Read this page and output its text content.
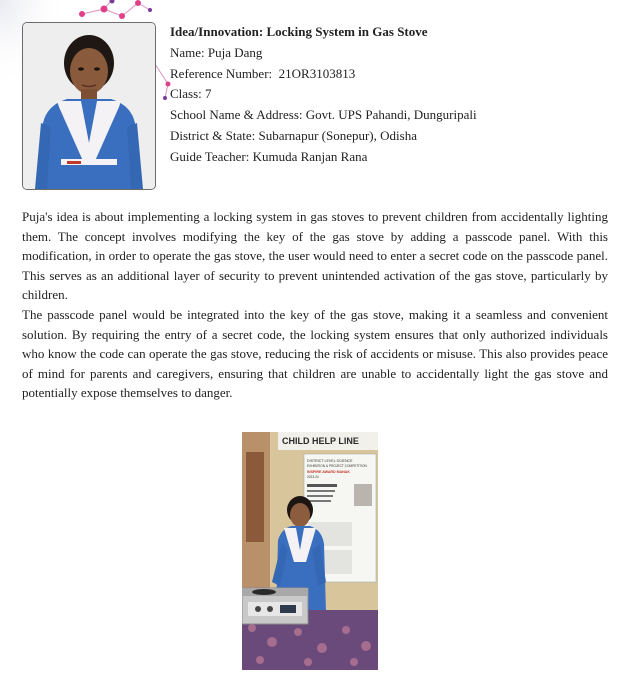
Idea/Innovation: Locking System in Gas Stove
Name: Puja Dang
Reference Number: 21OR3103813
Class: 7
School Name & Address: Govt. UPS Pahandi, Dunguripali
District & State: Subarnapur (Sonepur), Odisha
Guide Teacher: Kumuda Ranjan Rana

Puja's idea is about implementing a locking system in gas stoves to prevent children from accidentally lighting them. The concept involves modifying the key of the gas stove by adding a passcode panel. With this modification, in order to operate the gas stove, the user would need to enter a secret code on the passcode panel. This serves as an additional layer of security to prevent unintended activation of the gas stove, particularly by children.

The passcode panel would be integrated into the key of the gas stove, making it a seamless and convenient solution. By requiring the entry of a secret code, the locking system ensures that only authorized individuals who know the code can operate the gas stove, reducing the risk of accidents or misuse. This also provides peace of mind for parents and caregivers, ensuring that children are unable to accidentally light the gas stove and potentially expose themselves to danger.

CHILD HELP LINE
DISTRICT LEVEL SCIENCE
EXHIBITION & PROJECT COMPETITION
INSPIRE AWARD MANAK
2023-24
